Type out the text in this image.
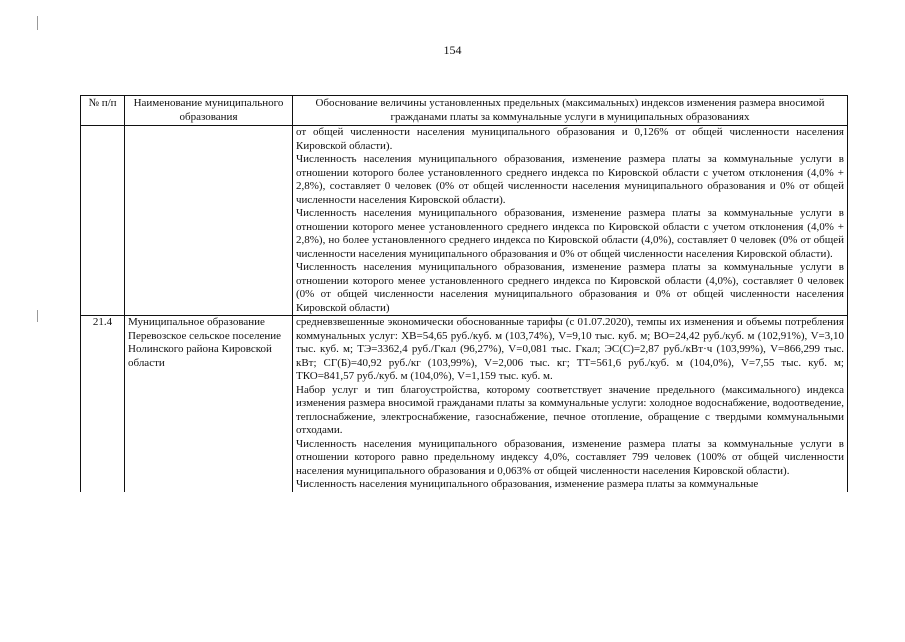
154
№ п/п	Наименование муниципального образования	Обоснование величины установленных предельных (максимальных) индексов изменения размера вносимой гражданами платы за коммунальные услуги в муниципальных образованиях

		от общей численности населения муниципального образования и 0,126% от общей численности населения Кировской области).

Численность населения муниципального образования, изменение размера платы за коммунальные услуги в отношении которого более установленного среднего индекса по Кировской области с учетом отклонения (4,0% + 2,8%), составляет 0 человек (0% от общей численности населения муниципального образования и 0% от общей численности населения Кировской области).

Численность населения муниципального образования, изменение размера платы за коммунальные услуги в отношении которого менее установленного среднего индекса по Кировской области с учетом отклонения (4,0% + 2,8%), но более установленного среднего индекса по Кировской области (4,0%), составляет 0 человек (0% от общей численности населения муниципального образования и 0% от общей численности населения Кировской области).

Численность населения муниципального образования, изменение размера платы за коммунальные услуги в отношении которого менее установленного среднего индекса по Кировской области (4,0%), составляет 0 человек (0% от общей численности населения муниципального образования и 0% от общей численности населения Кировской области)

21.4	Муниципальное образование Перевозское сельское поселение Нолинского района Кировской области	средневзвешенные экономически обоснованные тарифы (с 01.07.2020), темпы их изменения и объемы потребления коммунальных услуг: ХВ=54,65 руб./куб. м (103,74%), V=9,10 тыс. куб. м; ВО=24,42 руб./куб. м (102,91%), V=3,10 тыс. куб. м; ТЭ=3362,4 руб./Гкал (96,27%), V=0,081 тыс. Гкал; ЭС(С)=2,87 руб./кВт·ч (103,99%), V=866,299 тыс. кВт; СГ(Б)=40,92 руб./кг (103,99%), V=2,006 тыс. кг; ТТ=561,6 руб./куб. м (104,0%), V=7,55 тыс. куб. м; ТКО=841,57 руб./куб. м (104,0%), V=1,159 тыс. куб. м.

Набор услуг и тип благоустройства, которому соответствует значение предельного (максимального) индекса изменения размера вносимой гражданами платы за коммунальные услуги: холодное водоснабжение, водоотведение, теплоснабжение, электроснабжение, газоснабжение, печное отопление, обращение с твердыми коммунальными отходами.

Численность населения муниципального образования, изменение размера платы за коммунальные услуги в отношении которого равно предельному индексу 4,0%, составляет 799 человек (100% от общей численности населения муниципального образования и 0,063% от общей численности населения Кировской области).

Численность населения муниципального образования, изменение размера платы за коммунальные
